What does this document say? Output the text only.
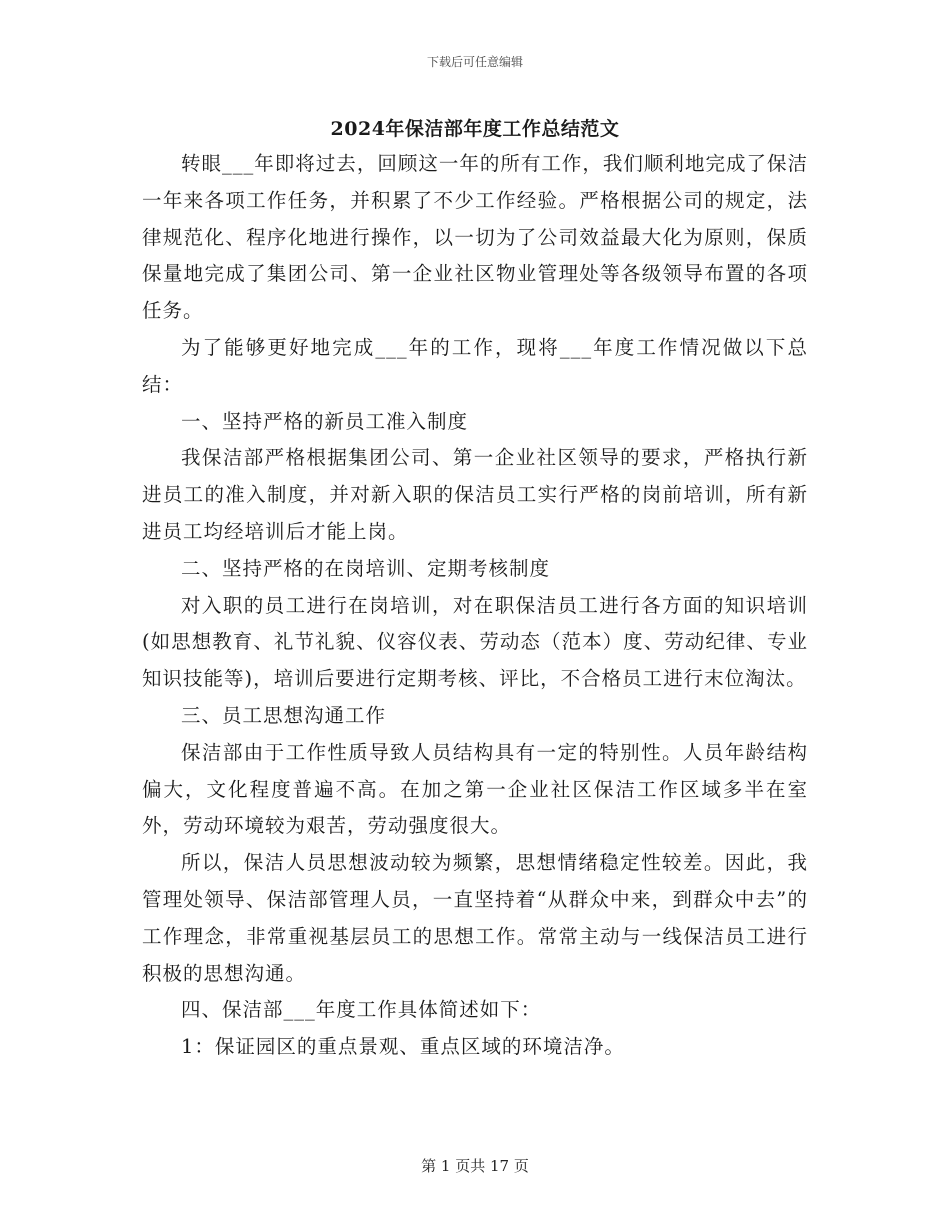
下载后可任意编辑
2024年保洁部年度工作总结范文

转眼___年即将过去，回顾这一年的所有工作，我们顺利地完成了保洁一年来各项工作任务，并积累了不少工作经验。严格根据公司的规定，法律规范化、程序化地进行操作，以一切为了公司效益最大化为原则，保质保量地完成了集团公司、第一企业社区物业管理处等各级领导布置的各项任务。

为了能够更好地完成___年的工作，现将___年度工作情况做以下总结：

一、坚持严格的新员工准入制度

我保洁部严格根据集团公司、第一企业社区领导的要求，严格执行新进员工的准入制度，并对新入职的保洁员工实行严格的岗前培训，所有新进员工均经培训后才能上岗。

二、坚持严格的在岗培训、定期考核制度

对入职的员工进行在岗培训，对在职保洁员工进行各方面的知识培训(如思想教育、礼节礼貌、仪容仪表、劳动态（范本）度、劳动纪律、专业知识技能等)，培训后要进行定期考核、评比，不合格员工进行末位淘汰。

三、员工思想沟通工作

保洁部由于工作性质导致人员结构具有一定的特别性。人员年龄结构偏大，文化程度普遍不高。在加之第一企业社区保洁工作区域多半在室外，劳动环境较为艰苦，劳动强度很大。

所以，保洁人员思想波动较为频繁，思想情绪稳定性较差。因此，我管理处领导、保洁部管理人员，一直坚持着“从群众中来，到群众中去”的工作理念，非常重视基层员工的思想工作。常常主动与一线保洁员工进行积极的思想沟通。

四、保洁部___年度工作具体简述如下：

1：保证园区的重点景观、重点区域的环境洁净。

第 1 页共 17 页
